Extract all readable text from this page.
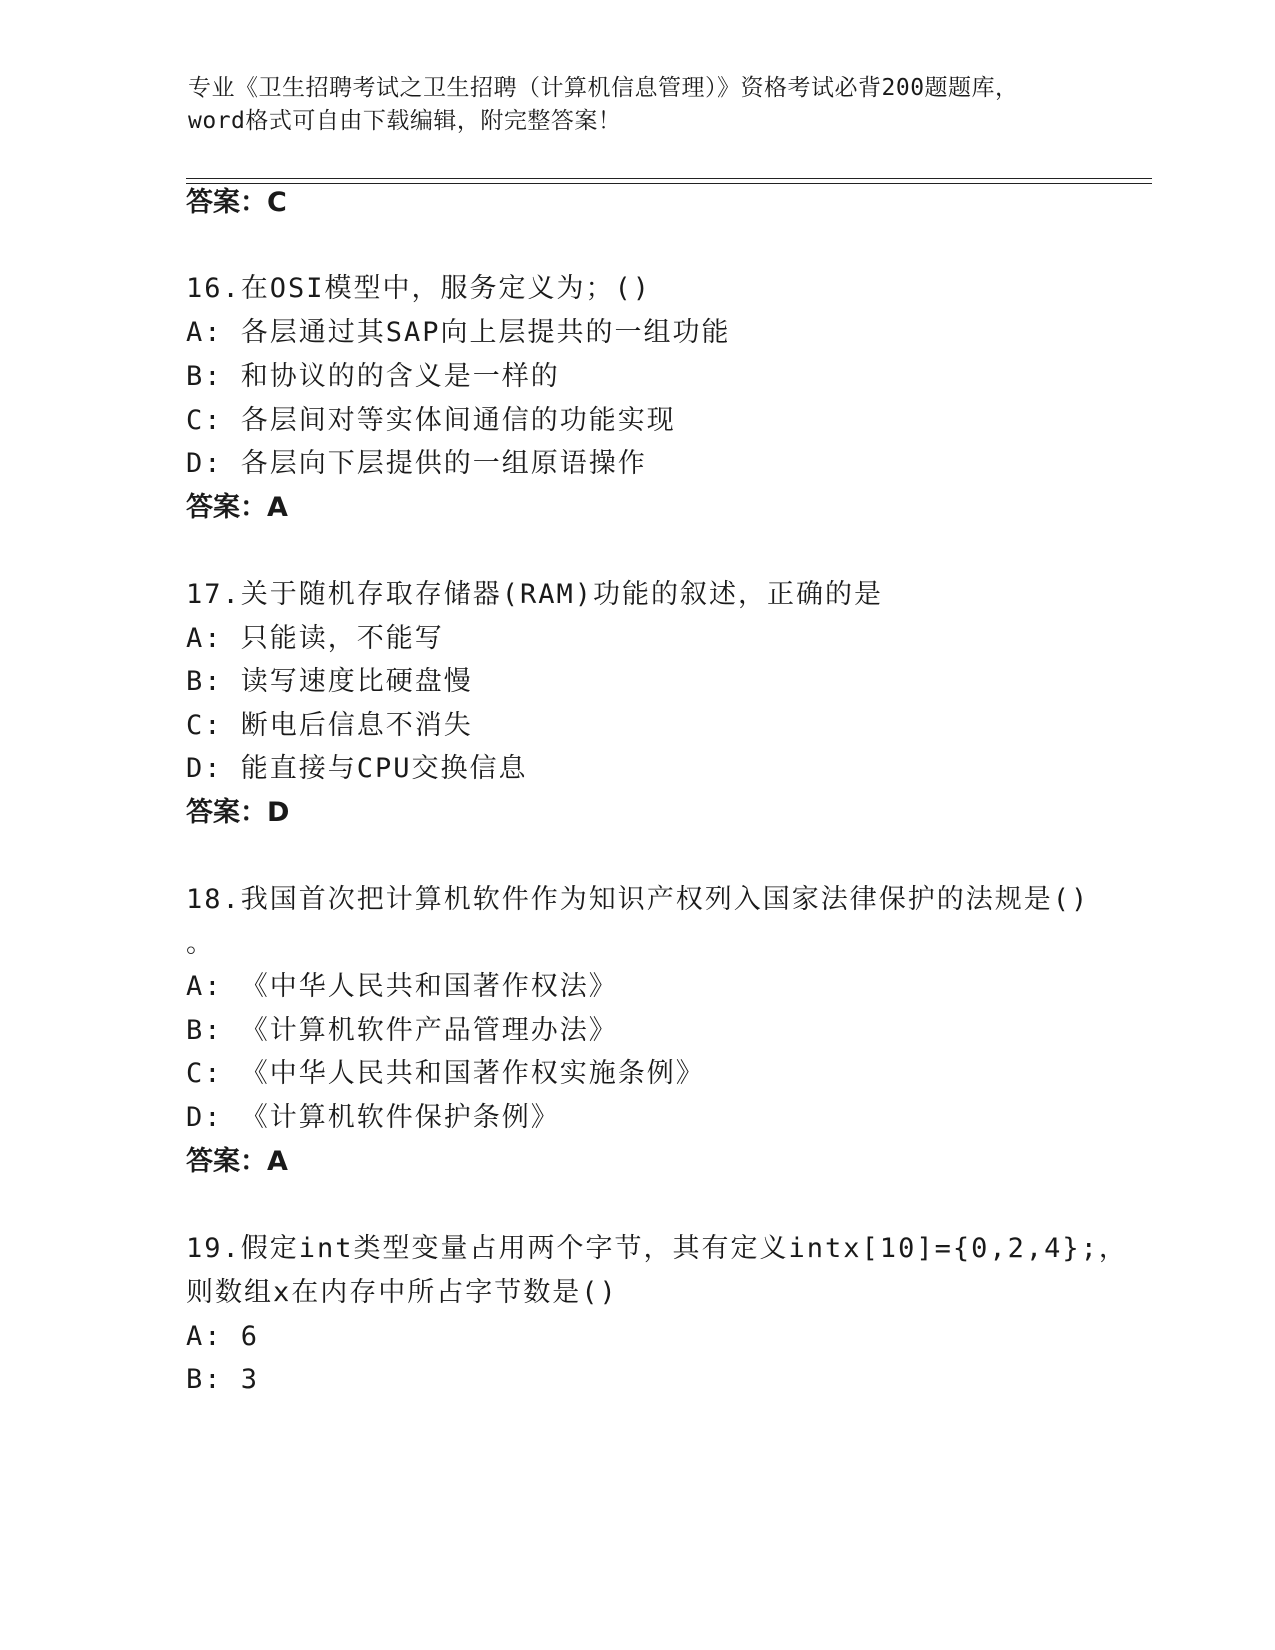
专业《卫生招聘考试之卫生招聘（计算机信息管理）》资格考试必背200题题库，
word格式可自由下载编辑，附完整答案！
答案：C
16.在OSI模型中，服务定义为；()
A: 各层通过其SAP向上层提共的一组功能
B: 和协议的的含义是一样的
C: 各层间对等实体间通信的功能实现
D: 各层向下层提供的一组原语操作
答案：A
17.关于随机存取存储器(RAM)功能的叙述，正确的是
A: 只能读，不能写
B: 读写速度比硬盘慢
C: 断电后信息不消失
D: 能直接与CPU交换信息
答案：D
18.我国首次把计算机软件作为知识产权列入国家法律保护的法规是()
。
A: 《中华人民共和国著作权法》
B: 《计算机软件产品管理办法》
C: 《中华人民共和国著作权实施条例》
D: 《计算机软件保护条例》
答案：A
19.假定int类型变量占用两个字节，其有定义intx[10]={0,2,4};，
则数组x在内存中所占字节数是()
A: 6
B: 3
